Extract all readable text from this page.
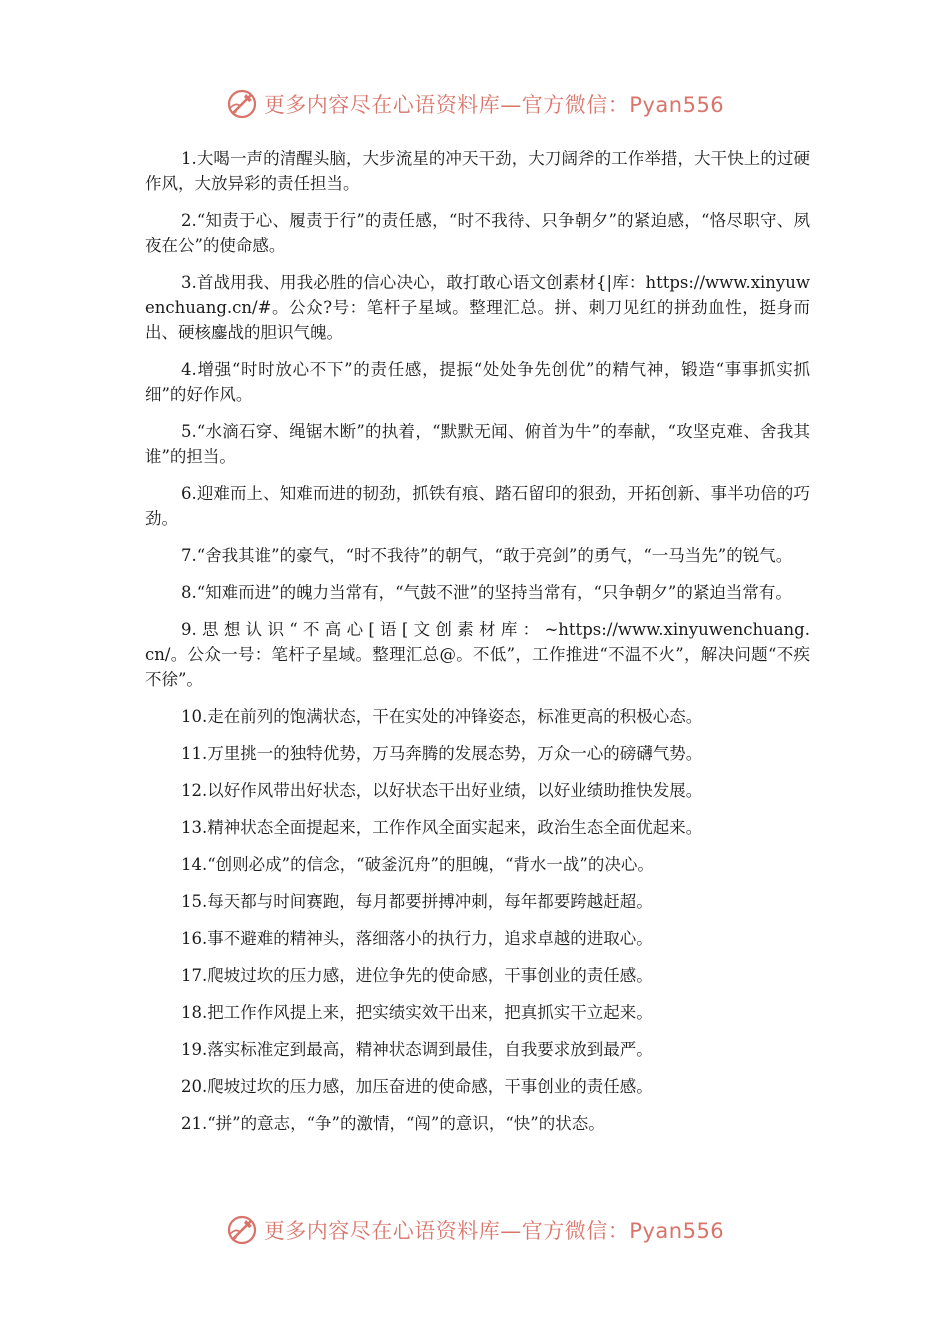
更多内容尽在心语资料库—官方微信：Pyan556

1.大喝一声的清醒头脑，大步流星的冲天干劲，大刀阔斧的工作举措，大干快上的过硬作风，大放异彩的责任担当。

2.“知责于心、履责于行”的责任感，“时不我待、只争朝夕”的紧迫感，“恪尽职守、夙夜在公”的使命感。

3.首战用我、用我必胜的信心决心，敢打敢心语文创素材{|库：https://www.xinyuwenchuang.cn/#。公众?号：笔杆子星域。整理汇总。拼、刺刀见红的拼劲血性，挺身而出、硬核鏖战的胆识气魄。

4.增强“时时放心不下”的责任感，提振“处处争先创优”的精气神，锻造“事事抓实抓细”的好作风。

5.“水滴石穿、绳锯木断”的执着，“默默无闻、俯首为牛”的奉献，“攻坚克难、舍我其谁”的担当。

6.迎难而上、知难而进的韧劲，抓铁有痕、踏石留印的狠劲，开拓创新、事半功倍的巧劲。

7.“舍我其谁”的豪气，“时不我待”的朝气，“敢于亮剑”的勇气，“一马当先”的锐气。

8.“知难而进”的魄力当常有，“气鼓不泄”的坚持当常有，“只争朝夕”的紧迫当常有。

9. 思 想 认 识 “ 不 高 心 [ 语 [ 文 创 素 材 库 ： ~https://www.xinyuwenchuang.cn/。公众一号：笔杆子星域。整理汇总@。不低”，工作推进“不温不火”，解决问题“不疾不徐”。

10.走在前列的饱满状态，干在实处的冲锋姿态，标准更高的积极心态。

11.万里挑一的独特优势，万马奔腾的发展态势，万众一心的磅礴气势。

12.以好作风带出好状态，以好状态干出好业绩，以好业绩助推快发展。

13.精神状态全面提起来，工作作风全面实起来，政治生态全面优起来。

14.“创则必成”的信念，“破釜沉舟”的胆魄，“背水一战”的决心。

15.每天都与时间赛跑，每月都要拼搏冲刺，每年都要跨越赶超。

16.事不避难的精神头，落细落小的执行力，追求卓越的进取心。

17.爬坡过坎的压力感，进位争先的使命感，干事创业的责任感。

18.把工作作风提上来，把实绩实效干出来，把真抓实干立起来。

19.落实标准定到最高，精神状态调到最佳，自我要求放到最严。

20.爬坡过坎的压力感，加压奋进的使命感，干事创业的责任感。

21.“拼”的意志，“争”的激情，“闯”的意识，“快”的状态。

更多内容尽在心语资料库—官方微信：Pyan556
